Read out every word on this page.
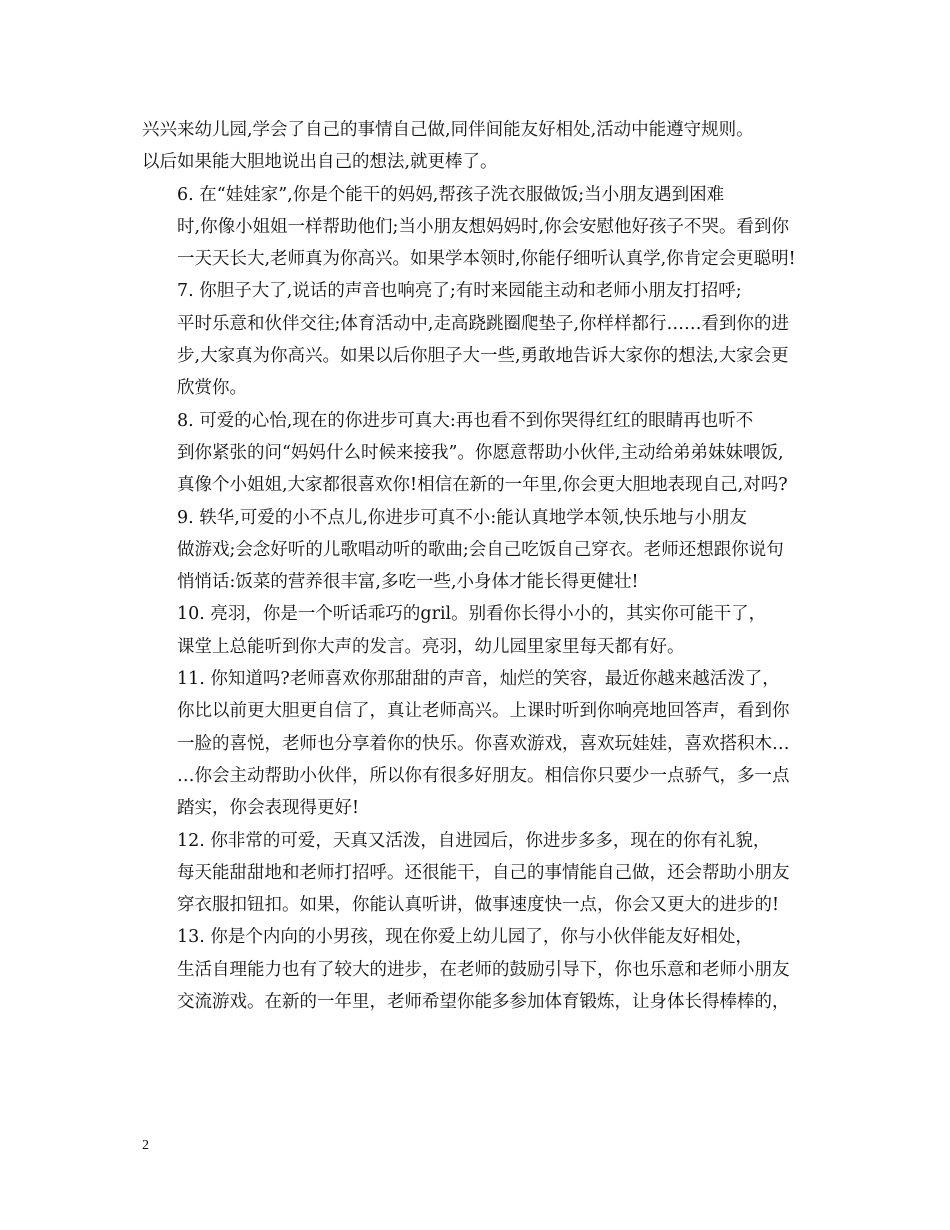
兴兴来幼儿园,学会了自己的事情自己做,同伴间能友好相处,活动中能遵守规则。
以后如果能大胆地说出自己的想法,就更棒了。

6. 在“娃娃家”,你是个能干的妈妈,帮孩子洗衣服做饭;当小朋友遇到困难
时,你像小姐姐一样帮助他们;当小朋友想妈妈时,你会安慰他好孩子不哭。看到你
一天天长大,老师真为你高兴。如果学本领时,你能仔细听认真学,你肯定会更聪明!

7. 你胆子大了,说话的声音也响亮了;有时来园能主动和老师小朋友打招呼;
平时乐意和伙伴交往;体育活动中,走高跷跳圈爬垫子,你样样都行……看到你的进
步,大家真为你高兴。如果以后你胆子大一些,勇敢地告诉大家你的想法,大家会更
欣赏你。

8. 可爱的心怡,现在的你进步可真大:再也看不到你哭得红红的眼睛再也听不
到你紧张的问“妈妈什么时候来接我”。你愿意帮助小伙伴,主动给弟弟妹妹喂饭,
真像个小姐姐,大家都很喜欢你!相信在新的一年里,你会更大胆地表现自己,对吗?

9. 轶华,可爱的小不点儿,你进步可真不小:能认真地学本领,快乐地与小朋友
做游戏;会念好听的儿歌唱动听的歌曲;会自己吃饭自己穿衣。老师还想跟你说句
悄悄话:饭菜的营养很丰富,多吃一些,小身体才能长得更健壮!

10. 亮羽，你是一个听话乖巧的gril。别看你长得小小的，其实你可能干了，
课堂上总能听到你大声的发言。亮羽，幼儿园里家里每天都有好。

11. 你知道吗?老师喜欢你那甜甜的声音，灿烂的笑容，最近你越来越活泼了，
你比以前更大胆更自信了，真让老师高兴。上课时听到你响亮地回答声，看到你
一脸的喜悦，老师也分享着你的快乐。你喜欢游戏，喜欢玩娃娃，喜欢搭积木…
…你会主动帮助小伙伴，所以你有很多好朋友。相信你只要少一点骄气，多一点
踏实，你会表现得更好!

12. 你非常的可爱，天真又活泼，自进园后，你进步多多，现在的你有礼貌，
每天能甜甜地和老师打招呼。还很能干，自己的事情能自己做，还会帮助小朋友
穿衣服扣钮扣。如果，你能认真听讲，做事速度快一点，你会又更大的进步的!

13. 你是个内向的小男孩，现在你爱上幼儿园了，你与小伙伴能友好相处，
生活自理能力也有了较大的进步，在老师的鼓励引导下，你也乐意和老师小朋友
交流游戏。在新的一年里，老师希望你能多参加体育锻炼，让身体长得棒棒的，

2
